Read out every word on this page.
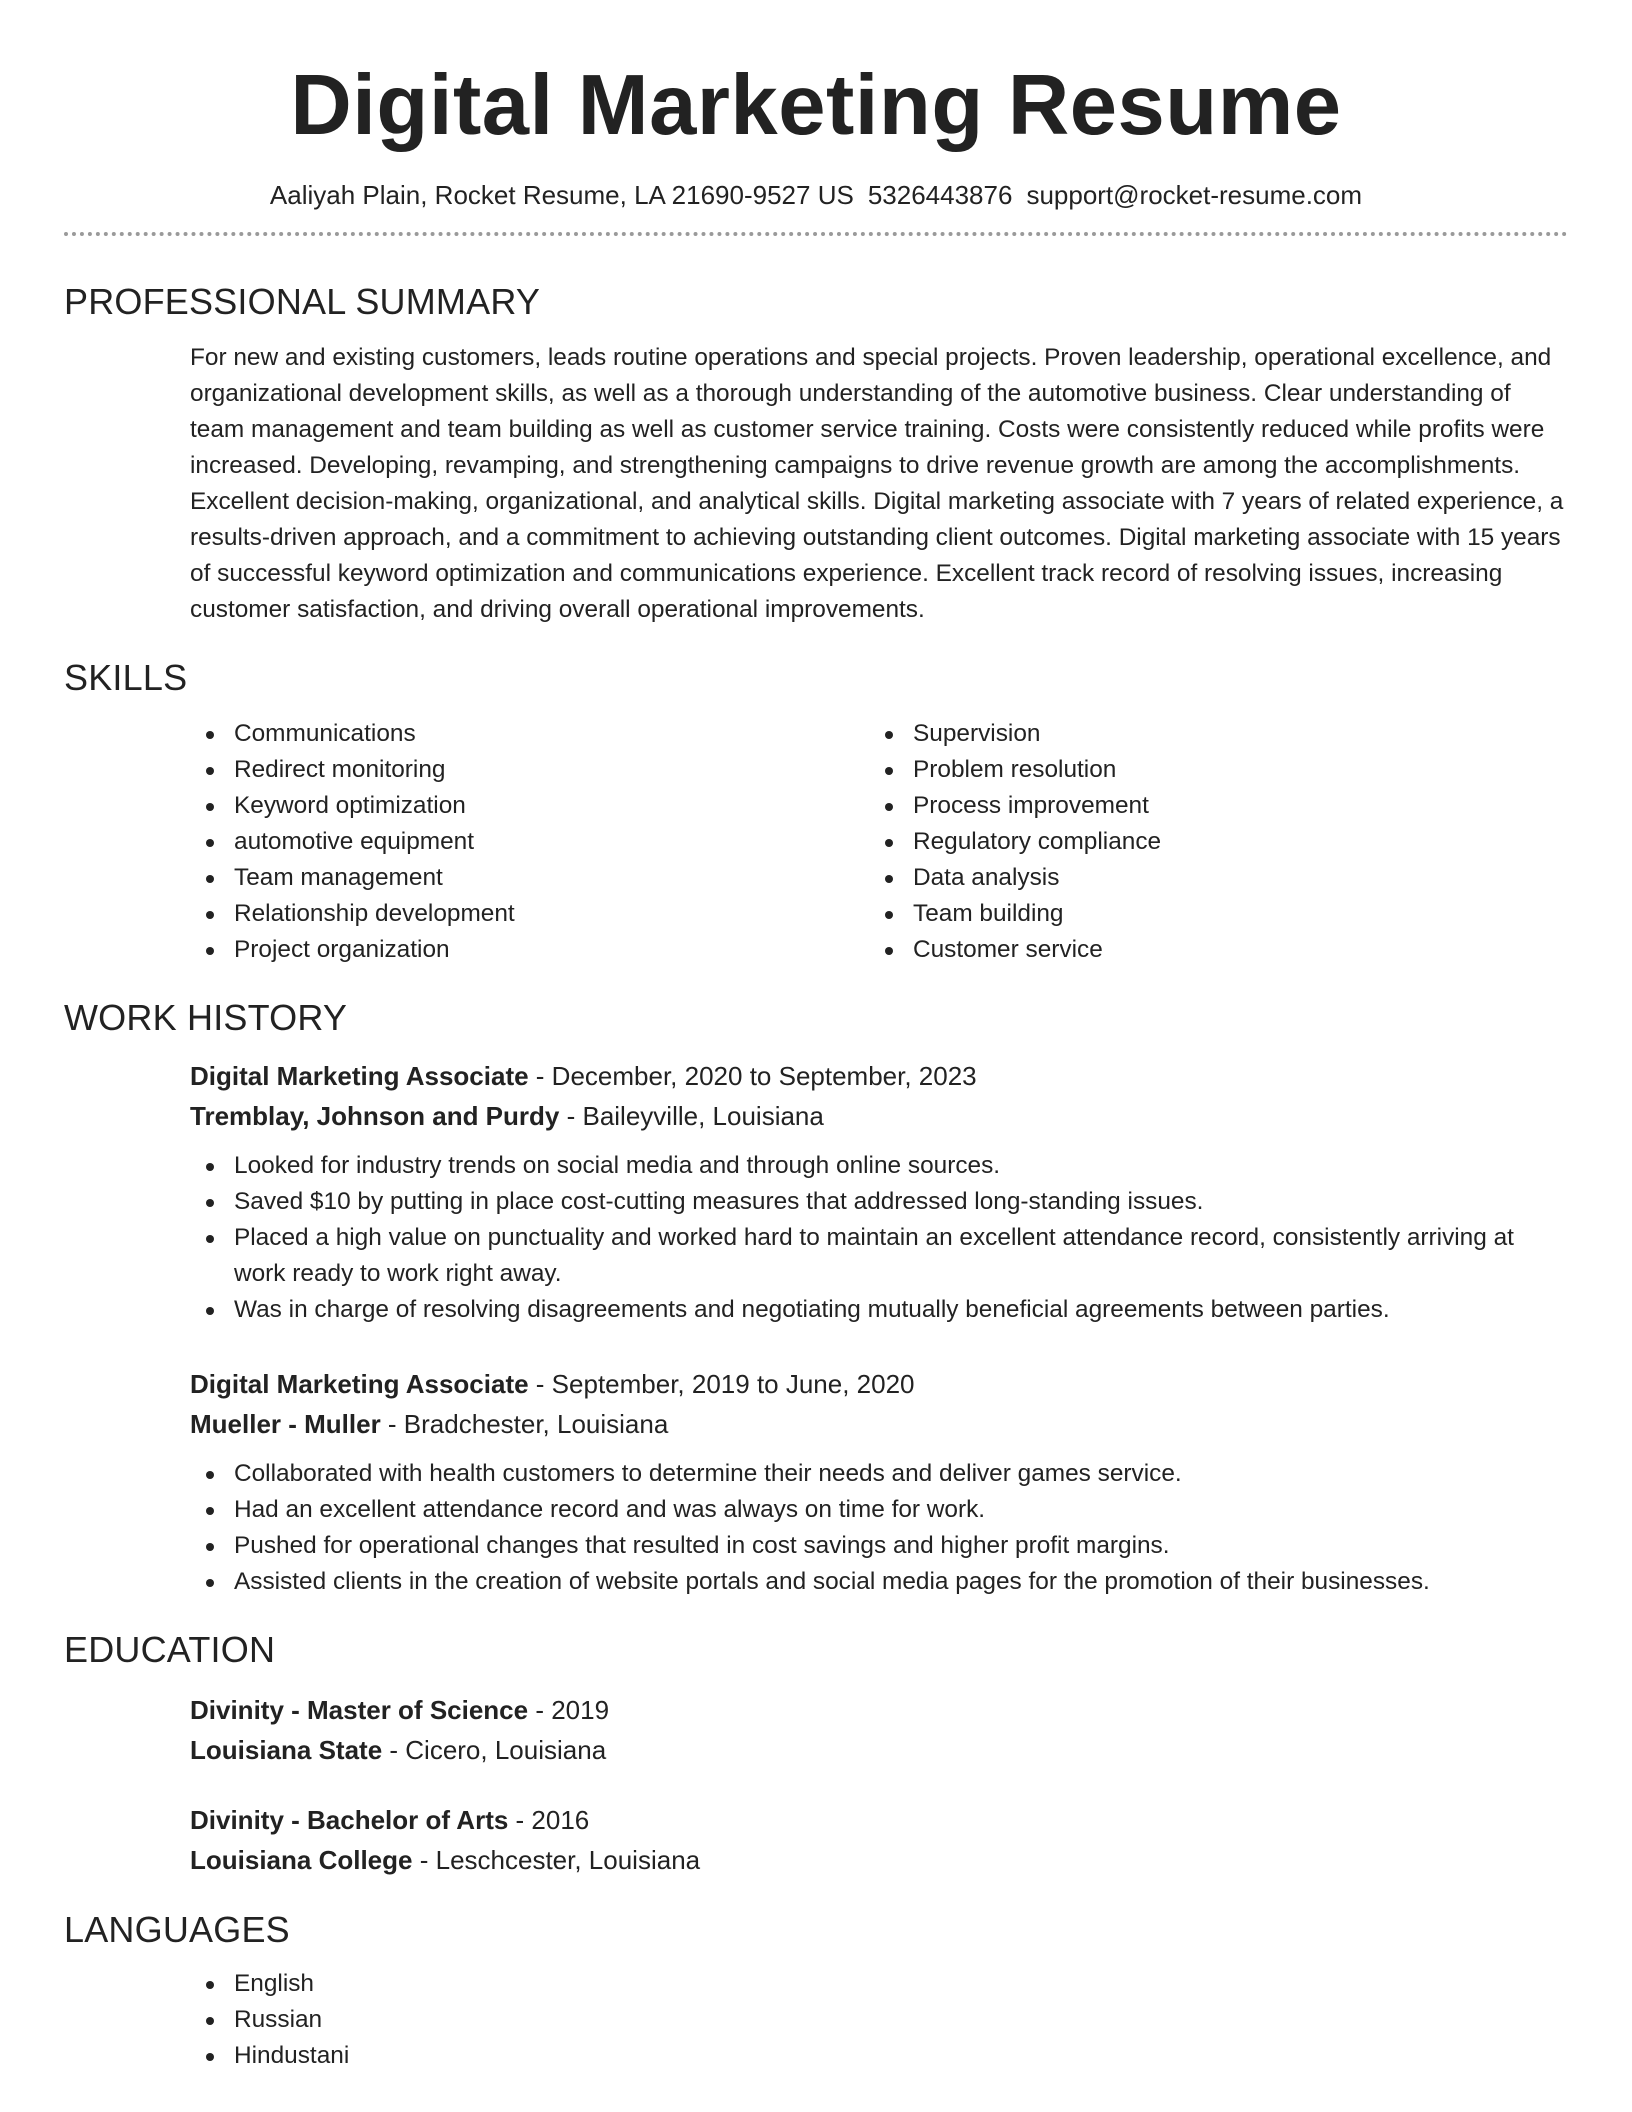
Digital Marketing Resume
Aaliyah Plain, Rocket Resume, LA 21690-9527 US 5326443876 support@rocket-resume.com
PROFESSIONAL SUMMARY
For new and existing customers, leads routine operations and special projects. Proven leadership, operational excellence, and organizational development skills, as well as a thorough understanding of the automotive business. Clear understanding of team management and team building as well as customer service training. Costs were consistently reduced while profits were increased. Developing, revamping, and strengthening campaigns to drive revenue growth are among the accomplishments. Excellent decision-making, organizational, and analytical skills. Digital marketing associate with 7 years of related experience, a results-driven approach, and a commitment to achieving outstanding client outcomes. Digital marketing associate with 15 years of successful keyword optimization and communications experience. Excellent track record of resolving issues, increasing customer satisfaction, and driving overall operational improvements.
SKILLS
Communications
Redirect monitoring
Keyword optimization
automotive equipment
Team management
Relationship development
Project organization
Supervision
Problem resolution
Process improvement
Regulatory compliance
Data analysis
Team building
Customer service
WORK HISTORY
Digital Marketing Associate - December, 2020 to September, 2023
Tremblay, Johnson and Purdy - Baileyville, Louisiana
Looked for industry trends on social media and through online sources.
Saved $10 by putting in place cost-cutting measures that addressed long-standing issues.
Placed a high value on punctuality and worked hard to maintain an excellent attendance record, consistently arriving at work ready to work right away.
Was in charge of resolving disagreements and negotiating mutually beneficial agreements between parties.
Digital Marketing Associate - September, 2019 to June, 2020
Mueller - Muller - Bradchester, Louisiana
Collaborated with health customers to determine their needs and deliver games service.
Had an excellent attendance record and was always on time for work.
Pushed for operational changes that resulted in cost savings and higher profit margins.
Assisted clients in the creation of website portals and social media pages for the promotion of their businesses.
EDUCATION
Divinity - Master of Science - 2019
Louisiana State - Cicero, Louisiana
Divinity - Bachelor of Arts - 2016
Louisiana College - Leschcester, Louisiana
LANGUAGES
English
Russian
Hindustani
